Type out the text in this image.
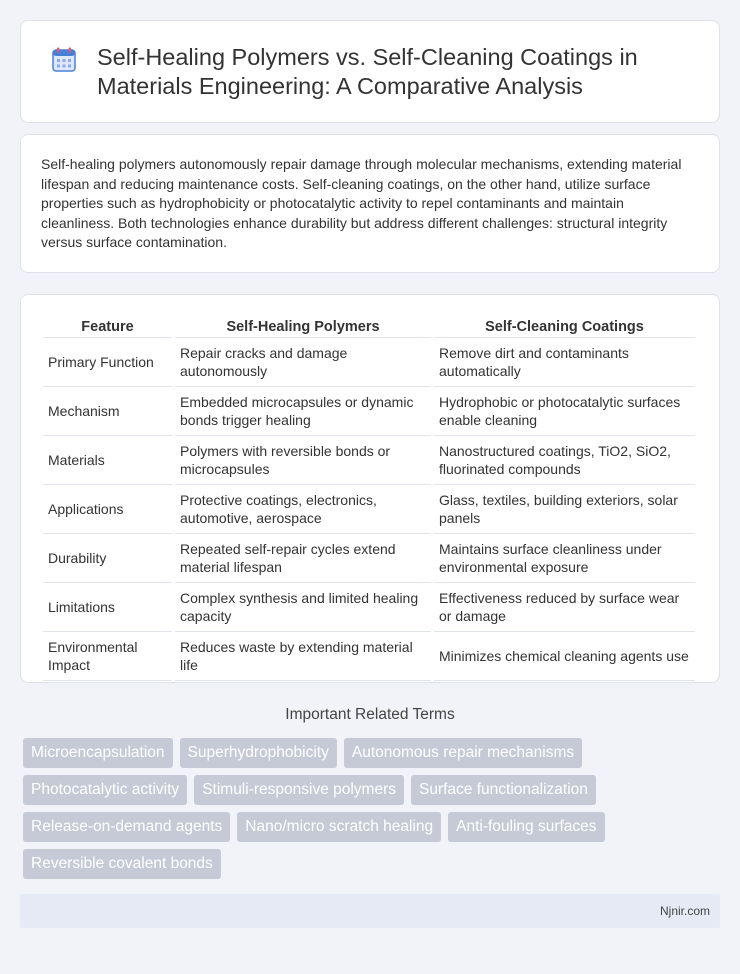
Self-Healing Polymers vs. Self-Cleaning Coatings in Materials Engineering: A Comparative Analysis

Self-healing polymers autonomously repair damage through molecular mechanisms, extending material lifespan and reducing maintenance costs. Self-cleaning coatings, on the other hand, utilize surface properties such as hydrophobicity or photocatalytic activity to repel contaminants and maintain cleanliness. Both technologies enhance durability but address different challenges: structural integrity versus surface contamination.

Feature	Self-Healing Polymers	Self-Cleaning Coatings
Primary Function	Repair cracks and damage autonomously	Remove dirt and contaminants automatically
Mechanism	Embedded microcapsules or dynamic bonds trigger healing	Hydrophobic or photocatalytic surfaces enable cleaning
Materials	Polymers with reversible bonds or microcapsules	Nanostructured coatings, TiO2, SiO2, fluorinated compounds
Applications	Protective coatings, electronics, automotive, aerospace	Glass, textiles, building exteriors, solar panels
Durability	Repeated self-repair cycles extend material lifespan	Maintains surface cleanliness under environmental exposure
Limitations	Complex synthesis and limited healing capacity	Effectiveness reduced by surface wear or damage
Environmental Impact	Reduces waste by extending material life	Minimizes chemical cleaning agents use
Important Related Terms
Microencapsulation	Superhydrophobicity	Autonomous repair mechanisms
Photocatalytic activity	Stimuli-responsive polymers	Surface functionalization
Release-on-demand agents	Nano/micro scratch healing	Anti-fouling surfaces
Reversible covalent bonds
Njnir.com
